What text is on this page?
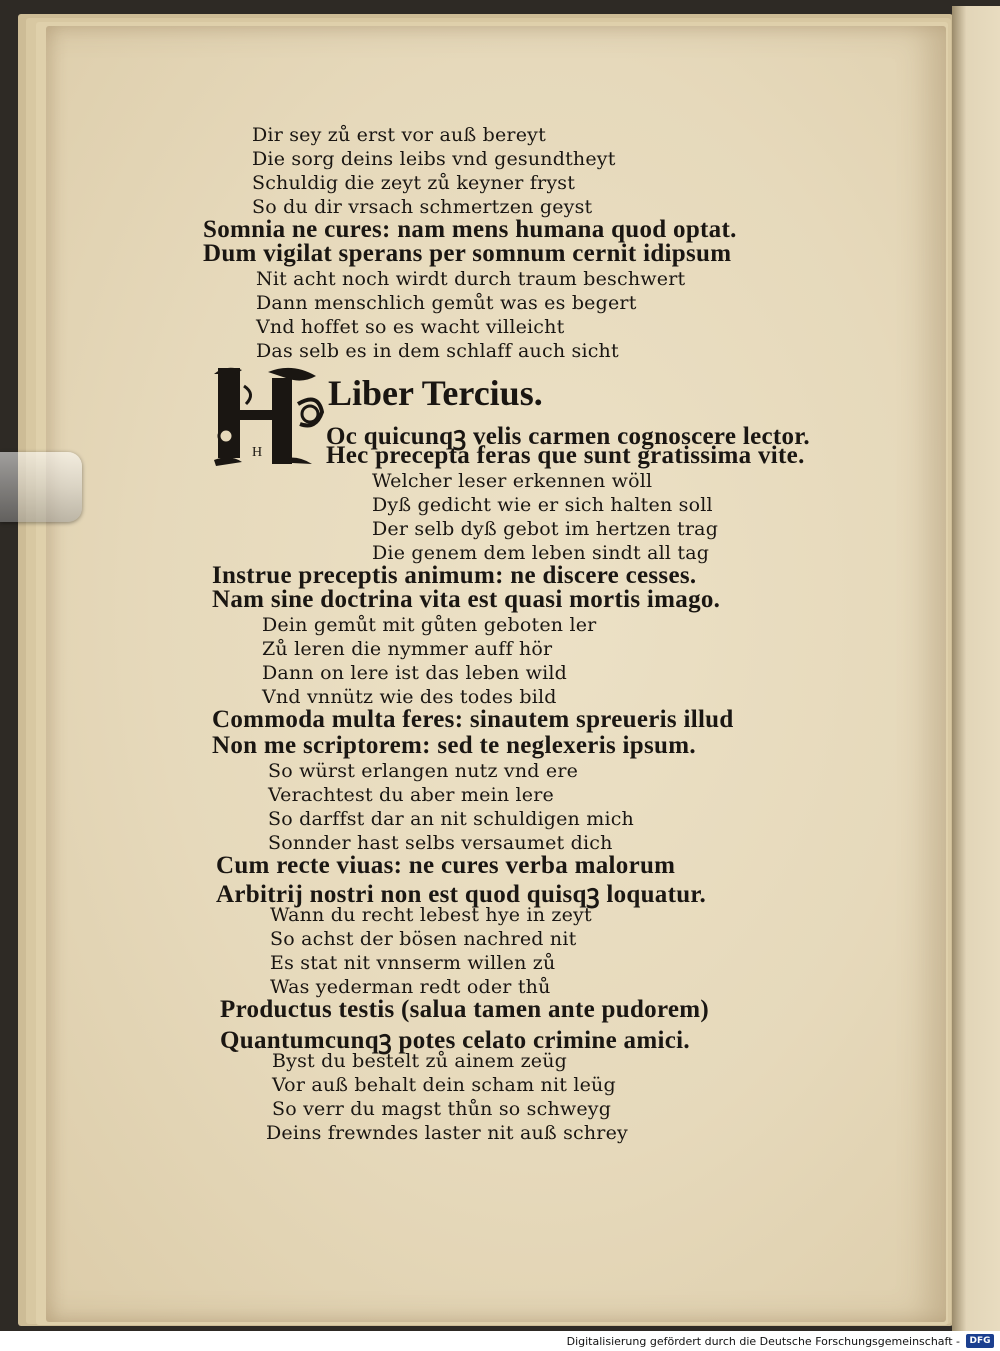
H
Dir sey zů erst vor auß bereyt
Die sorg deins leibs vnd gesundtheyt
Schuldig die zeyt zů keyner fryst
So du dir vrsach schmertzen geyst
Somnia ne cures: nam mens humana quod optat.
Dum vigilat sperans per somnum cernit idipsum
Nit acht noch wirdt durch traum beschwert
Dann menschlich gemůt was es begert
Vnd hoffet so es wacht villeicht
Das selb es in dem schlaff auch sicht
Liber Tercius.
Oc quicunqꝫ velis carmen cognoscere lector.
Hec precepta feras que sunt gratissima vite.
Welcher leser erkennen wöll
Dyß gedicht wie er sich halten soll
Der selb dyß gebot im hertzen trag
Die genem dem leben sindt all tag
Instrue preceptis animum: ne discere cesses.
Nam sine doctrina vita est quasi mortis imago.
Dein gemůt mit gůten geboten ler
Zů leren die nymmer auff hör
Dann on lere ist das leben wild
Vnd vnnütz wie des todes bild
Commoda multa feres: sinautem spreueris illud
Non me scriptorem: sed te neglexeris ipsum.
So würst erlangen nutz vnd ere
Verachtest du aber mein lere
So darffst dar an nit schuldigen mich
Sonnder hast selbs versaumet dich
Cum recte viuas: ne cures verba malorum
Arbitrij nostri non est quod quisqꝫ loquatur.
Wann du recht lebest hye in zeyt
So achst der bösen nachred nit
Es stat nit vnnserm willen zů
Was yederman redt oder thů
Productus testis (salua tamen ante pudorem)
Quantumcunqꝫ potes celato crimine amici.
Byst du bestelt zů ainem zeüg
Vor auß behalt dein scham nit leüg
So verr du magst thůn so schweyg
Deins frewndes laster nit auß schrey
Digitalisierung gefördert durch die Deutsche Forschungsgemeinschaft -	DFG
